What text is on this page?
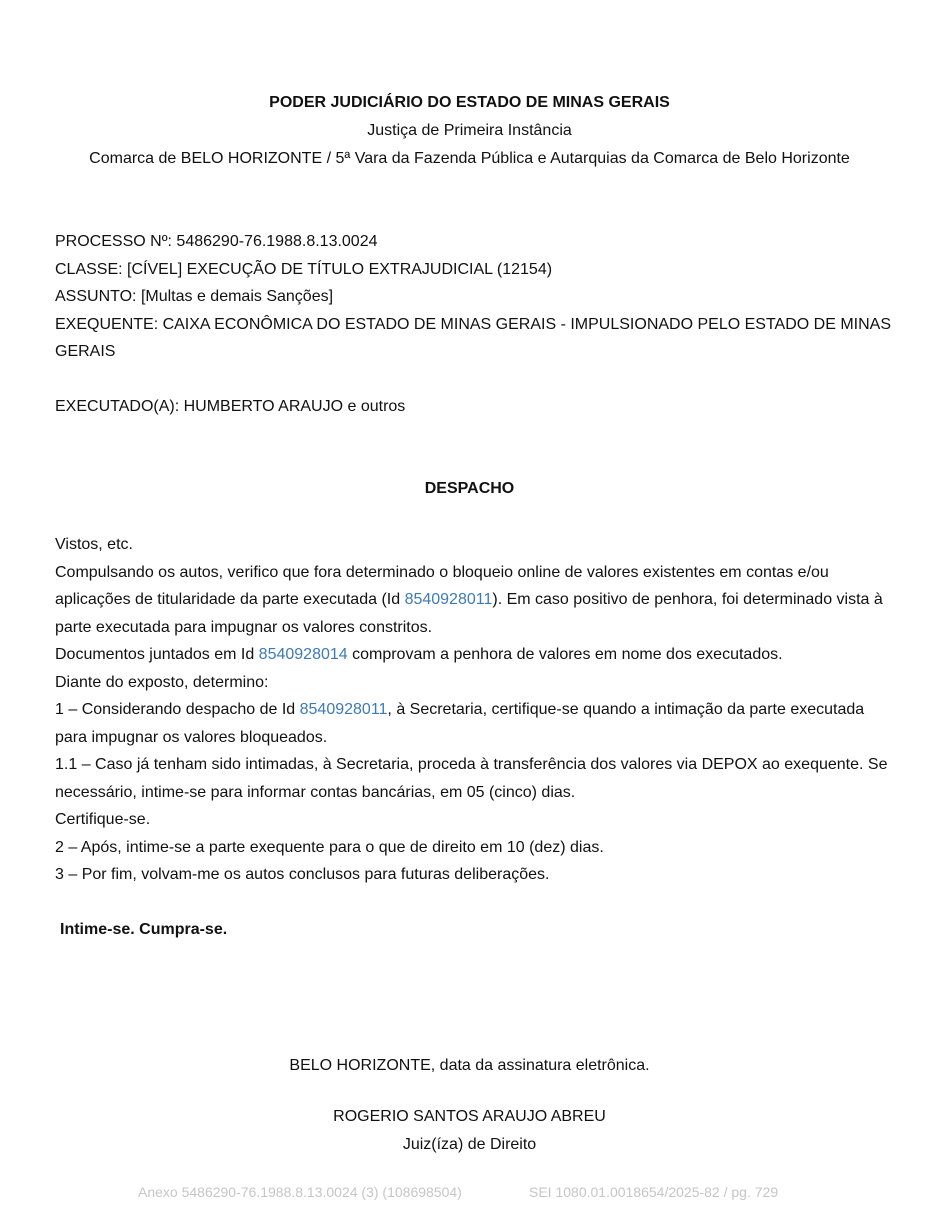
PODER JUDICIÁRIO DO ESTADO DE MINAS GERAIS
Justiça de Primeira Instância
Comarca de BELO HORIZONTE / 5ª Vara da Fazenda Pública e Autarquias da Comarca de Belo Horizonte
PROCESSO Nº: 5486290-76.1988.8.13.0024
CLASSE: [CÍVEL] EXECUÇÃO DE TÍTULO EXTRAJUDICIAL (12154)
ASSUNTO: [Multas e demais Sanções]
EXEQUENTE: CAIXA ECONÔMICA DO ESTADO DE MINAS GERAIS - IMPULSIONADO PELO ESTADO DE MINAS GERAIS
EXECUTADO(A): HUMBERTO ARAUJO e outros
DESPACHO
Vistos, etc.
Compulsando os autos, verifico que fora determinado o bloqueio online de valores existentes em contas e/ou aplicações de titularidade da parte executada (Id 8540928011). Em caso positivo de penhora, foi determinado vista à parte executada para impugnar os valores constritos.
Documentos juntados em Id 8540928014 comprovam a penhora de valores em nome dos executados.
Diante do exposto, determino:
1 – Considerando despacho de Id 8540928011, à Secretaria, certifique-se quando a intimação da parte executada para impugnar os valores bloqueados.
1.1 – Caso já tenham sido intimadas, à Secretaria, proceda à transferência dos valores via DEPOX ao exequente. Se necessário, intime-se para informar contas bancárias, em 05 (cinco) dias.
Certifique-se.
2 – Após, intime-se a parte exequente para o que de direito em 10 (dez) dias.
3 – Por fim, volvam-me os autos conclusos para futuras deliberações.
Intime-se. Cumpra-se.
BELO HORIZONTE, data da assinatura eletrônica.
ROGERIO SANTOS ARAUJO ABREU
Juiz(íza) de Direito
Anexo 5486290-76.1988.8.13.0024 (3) (108698504)	SEI 1080.01.0018654/2025-82 / pg. 729
